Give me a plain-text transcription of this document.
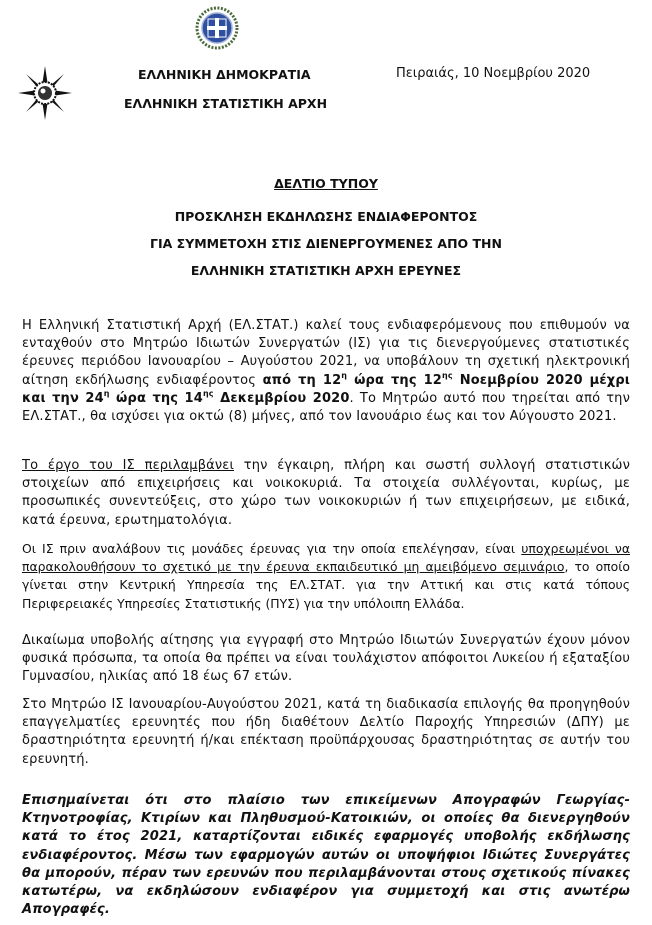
ΕΛΛΗΝΙΚΗ ΔΗΜΟΚΡΑΤΙΑ
ΕΛΛΗΝΙΚΗ ΣΤΑΤΙΣΤΙΚΗ ΑΡΧΗ
Πειραιάς, 10 Νοεμβρίου 2020
ΔΕΛΤΙΟ ΤΥΠΟΥ
ΠΡΟΣΚΛΗΣΗ ΕΚΔΗΛΩΣΗΣ ΕΝΔΙΑΦΕΡΟΝΤΟΣ
ΓΙΑ ΣΥΜΜΕΤΟΧΗ ΣΤΙΣ ΔΙΕΝΕΡΓΟΥΜΕΝΕΣ ΑΠΟ ΤΗΝ
ΕΛΛΗΝΙΚΗ ΣΤΑΤΙΣΤΙΚΗ ΑΡΧΗ ΕΡΕΥΝΕΣ
Η Ελληνική Στατιστική Αρχή (ΕΛ.ΣΤΑΤ.) καλεί τους ενδιαφερόμενους που επιθυμούν να ενταχθούν στο Μητρώο Ιδιωτών Συνεργατών (ΙΣ) για τις διενεργούμενες στατιστικές έρευνες περιόδου Ιανουαρίου – Αυγούστου 2021, να υποβάλουν τη σχετική ηλεκτρονική αίτηση εκδήλωσης ενδιαφέροντος από τη $12^\eta$ ώρα της $12^{\eta\varsigma}$ Νοεμβρίου 2020 μέχρι και την $24^\eta$ ώρα της $14^{\eta\varsigma}$ Δεκεμβρίου 2020. Το Μητρώο αυτό που τηρείται από την ΕΛ.ΣΤΑΤ., θα ισχύσει για οκτώ (8) μήνες, από τον Ιανουάριο έως και τον Αύγουστο 2021.
Το έργο του ΙΣ περιλαμβάνει την έγκαιρη, πλήρη και σωστή συλλογή στατιστικών στοιχείων από επιχειρήσεις και νοικοκυριά. Τα στοιχεία συλλέγονται, κυρίως, με προσωπικές συνεντεύξεις, στο χώρο των νοικοκυριών ή των επιχειρήσεων, με ειδικά, κατά έρευνα, ερωτηματολόγια.
Οι ΙΣ πριν αναλάβουν τις μονάδες έρευνας για την οποία επελέγησαν, είναι υποχρεωμένοι να παρακολουθήσουν το σχετικό με την έρευνα εκπαιδευτικό μη αμειβόμενο σεμινάριο, το οποίο γίνεται στην Κεντρική Υπηρεσία της ΕΛ.ΣΤΑΤ. για την Αττική και στις κατά τόπους Περιφερειακές Υπηρεσίες Στατιστικής (ΠΥΣ) για την υπόλοιπη Ελλάδα.
Δικαίωμα υποβολής αίτησης για εγγραφή στο Μητρώο Ιδιωτών Συνεργατών έχουν μόνον φυσικά πρόσωπα, τα οποία θα πρέπει να είναι τουλάχιστον απόφοιτοι Λυκείου ή εξαταξίου Γυμνασίου, ηλικίας από 18 έως 67 ετών.
Στο Μητρώο ΙΣ Ιανουαρίου-Αυγούστου 2021, κατά τη διαδικασία επιλογής θα προηγηθούν επαγγελματίες ερευνητές που ήδη διαθέτουν Δελτίο Παροχής Υπηρεσιών (ΔΠΥ) με δραστηριότητα ερευνητή ή/και επέκταση προϋπάρχουσας δραστηριότητας σε αυτήν του ερευνητή.
Επισημαίνεται ότι στο πλαίσιο των επικείμενων Απογραφών Γεωργίας-Κτηνοτροφίας, Κτιρίων και Πληθυσμού-Κατοικιών, οι οποίες θα διενεργηθούν κατά το έτος 2021, καταρτίζονται ειδικές εφαρμογές υποβολής εκδήλωσης ενδιαφέροντος. Μέσω των εφαρμογών αυτών οι υποψήφιοι Ιδιώτες Συνεργάτες θα μπορούν, πέραν των ερευνών που περιλαμβάνονται στους σχετικούς πίνακες κατωτέρω, να εκδηλώσουν ενδιαφέρον για συμμετοχή και στις ανωτέρω Απογραφές.
